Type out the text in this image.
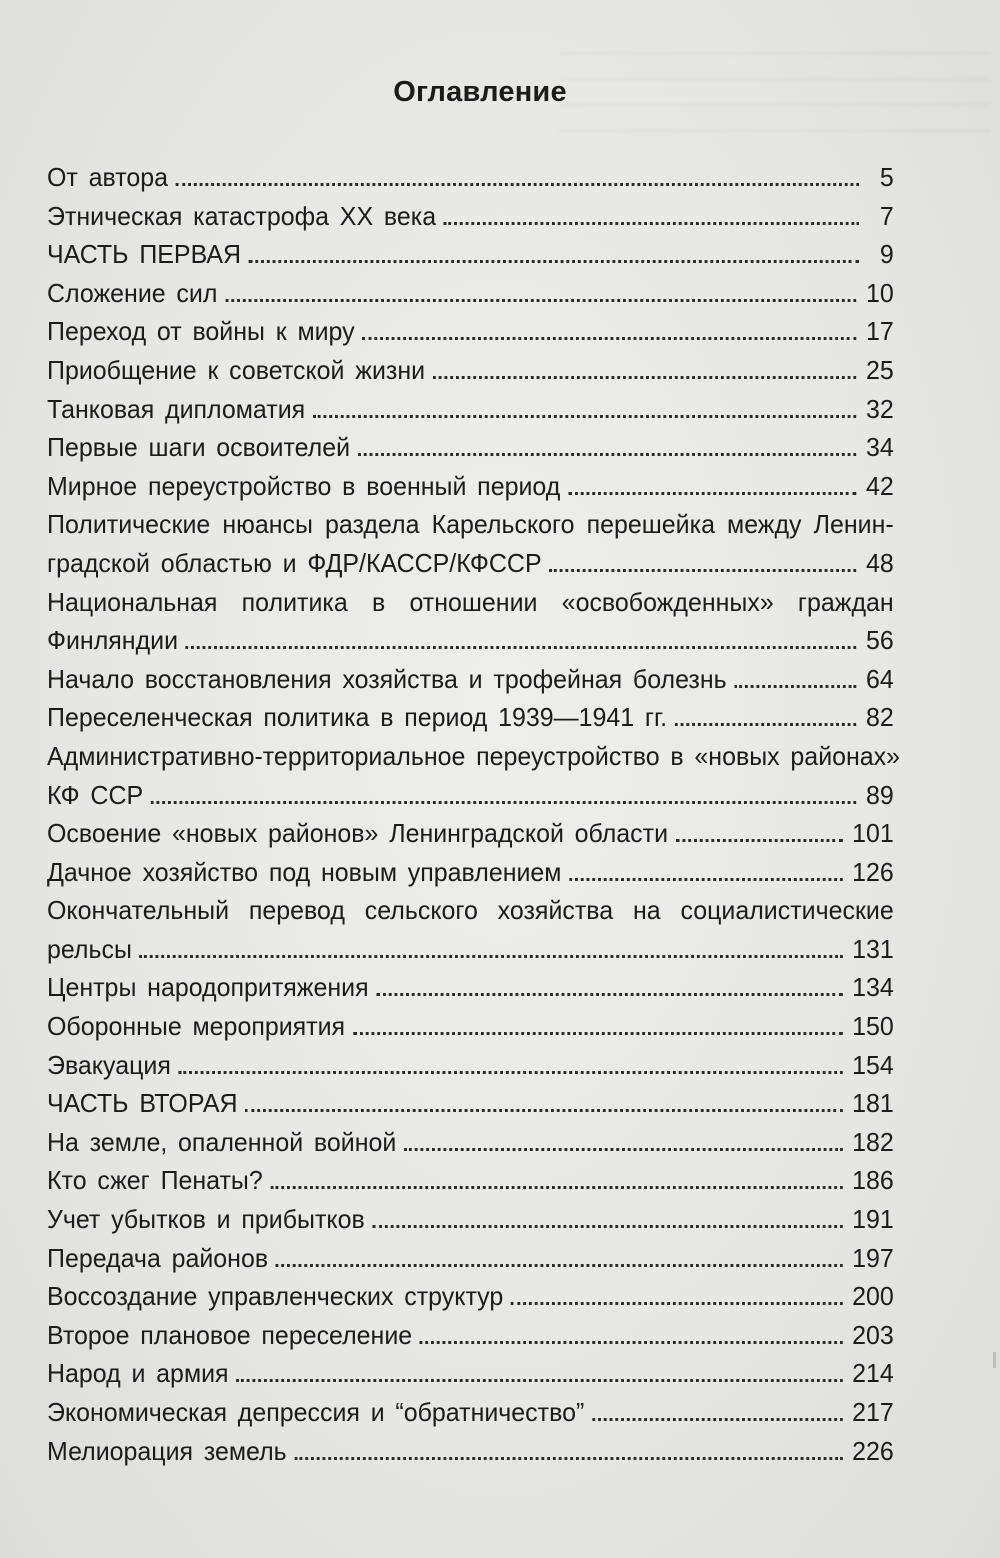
Оглавление
От автора	5
Этническая катастрофа XX века	7
ЧАСТЬ ПЕРВАЯ	9
Сложение сил	10
Переход от войны к миру	17
Приобщение к советской жизни	25
Танковая дипломатия	32
Первые шаги освоителей	34
Мирное переустройство в военный период	42
Политические нюансы раздела Карельского перешейка между Ленин-
градской областью и ФДР/КАССР/КФССР	48
Национальная политика в отношении «освобожденных» граждан
Финляндии	56
Начало восстановления хозяйства и трофейная болезнь	64
Переселенческая политика в период 1939—1941 гг.	82
Административно-территориальное переустройство в «новых районах»
КФ ССР	89
Освоение «новых районов» Ленинградской области	101
Дачное хозяйство под новым управлением	126
Окончательный перевод сельского хозяйства на социалистические
рельсы	131
Центры народопритяжения	134
Оборонные мероприятия	150
Эвакуация	154
ЧАСТЬ ВТОРАЯ	181
На земле, опаленной войной	182
Кто сжег Пенаты?	186
Учет убытков и прибытков	191
Передача районов	197
Воссоздание управленческих структур	200
Второе плановое переселение	203
Народ и армия	214
Экономическая депрессия и “обратничество”	217
Мелиорация земель	226
